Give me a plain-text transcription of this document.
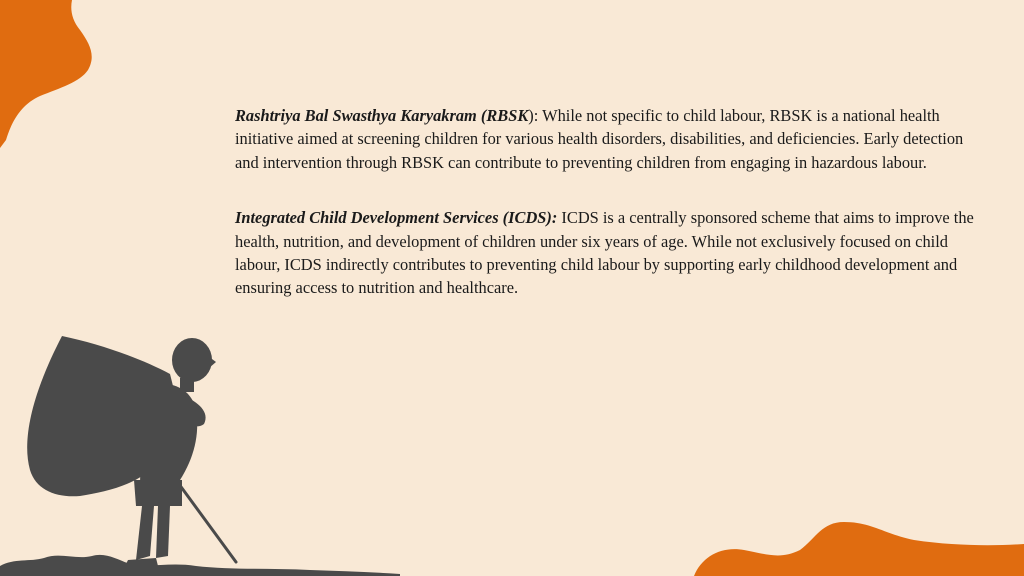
Rashtriya Bal Swasthya Karyakram (RBSK): While not specific to child labour, RBSK is a national health initiative aimed at screening children for various health disorders, disabilities, and deficiencies. Early detection and intervention through RBSK can contribute to preventing children from engaging in hazardous labour.

Integrated Child Development Services (ICDS): ICDS is a centrally sponsored scheme that aims to improve the health, nutrition, and development of children under six years of age. While not exclusively focused on child labour, ICDS indirectly contributes to preventing child labour by supporting early childhood development and ensuring access to nutrition and healthcare.
